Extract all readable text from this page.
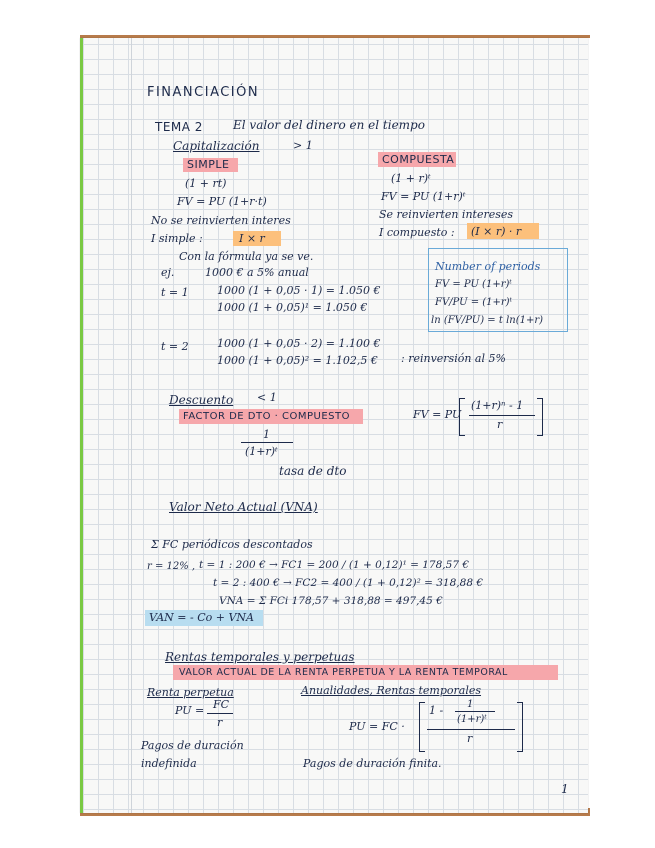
FINANCIACIÓN
TEMA 2	El valor del dinero en el tiempo
Capitalización	> 1
SIMPLE
(1 + rt)
FV = PU (1+r·t)
No se reinvierten interes
I simple :	I × r
Con la fórmula ya se ve.
COMPUESTA
(1 + r)ᵗ
FV = PU (1+r)ᵗ
Se reinvierten intereses
I compuesto : (I × r) · r
ej.	1000 € a 5% anual
t = 1	1000 (1 + 0,05 · 1) = 1.050 €
1000 (1 + 0,05)¹ = 1.050 €
t = 2	1000 (1 + 0,05 · 2) = 1.100 €
1000 (1 + 0,05)² = 1.102,5 € : reinversión al 5%
Number of periods
FV = PU (1+r)ᵗ
FV/PU = (1+r)ᵗ
ln (FV/PU) = t ln(1+r)
Descuento < 1
FACTOR DE DTO · COMPUESTO
1
(1+r)ᵗ
tasa de dto
FV = PU
(1+r)ⁿ - 1
r
Valor Neto Actual (VNA)
Σ FC periódicos descontados
r = 12% , t = 1 : 200 € → FC1 = 200 / (1 + 0,12)¹ = 178,57 €
t = 2 : 400 € → FC2 = 400 / (1 + 0,12)² = 318,88 €
VNA = Σ FCi 178,57 + 318,88 = 497,45 €
VAN = - Co + VNA
Rentas temporales y perpetuas
VALOR ACTUAL DE LA RENTA PERPETUA Y LA RENTA TEMPORAL
Renta perpetua
PU = FC
r
Pagos de duración
indefinida
Anualidades, Rentas temporales
PU = FC ·
1 - 1
(1+r)ᵗ
r
Pagos de duración finita.
1
